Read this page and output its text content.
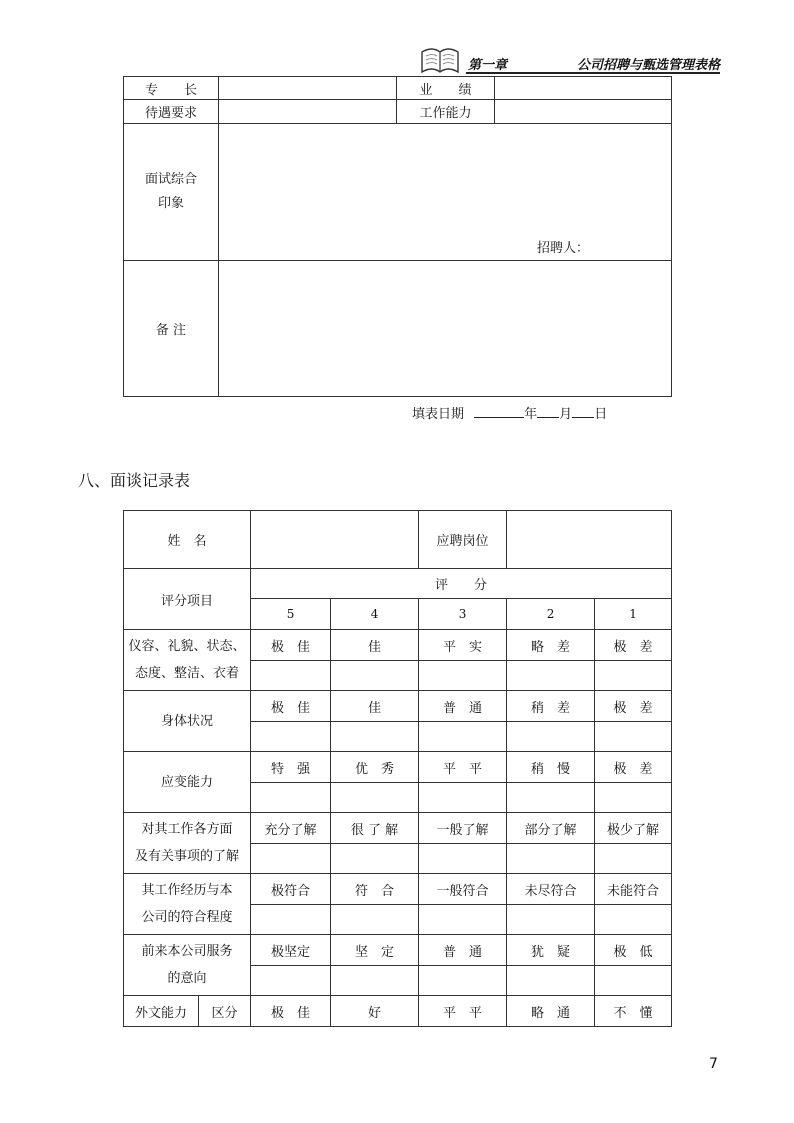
第一章	公司招聘与甄选管理表格
专　　长		业　　绩	
待遇要求		工作能力	
面试综合
印象	招聘人：		
备 注			
填表日期	年 月 日
八、面谈记录表
姓　名				应聘岗位		
评分项目		评　　分				
		5	4	3	2	1
仪容、礼貌、状态、
态度、整洁、衣着		极　佳	佳	平　实	略　差	极　差

身体状况		极　佳	佳	普　通	稍　差	极　差

应变能力		特　强	优　秀	平　平	稍　慢	极　差

对其工作各方面
及有关事项的了解		充分了解	很 了 解	一般了解	部分了解	极少了解

其工作经历与本
公司的符合程度		极符合	符　合	一般符合	未尽符合	未能符合

前来本公司服务
的意向		极坚定	坚　定	普　通	犹　疑	极　低

外文能力	区分	极　佳	好	平　平	略　通	不　懂
7
